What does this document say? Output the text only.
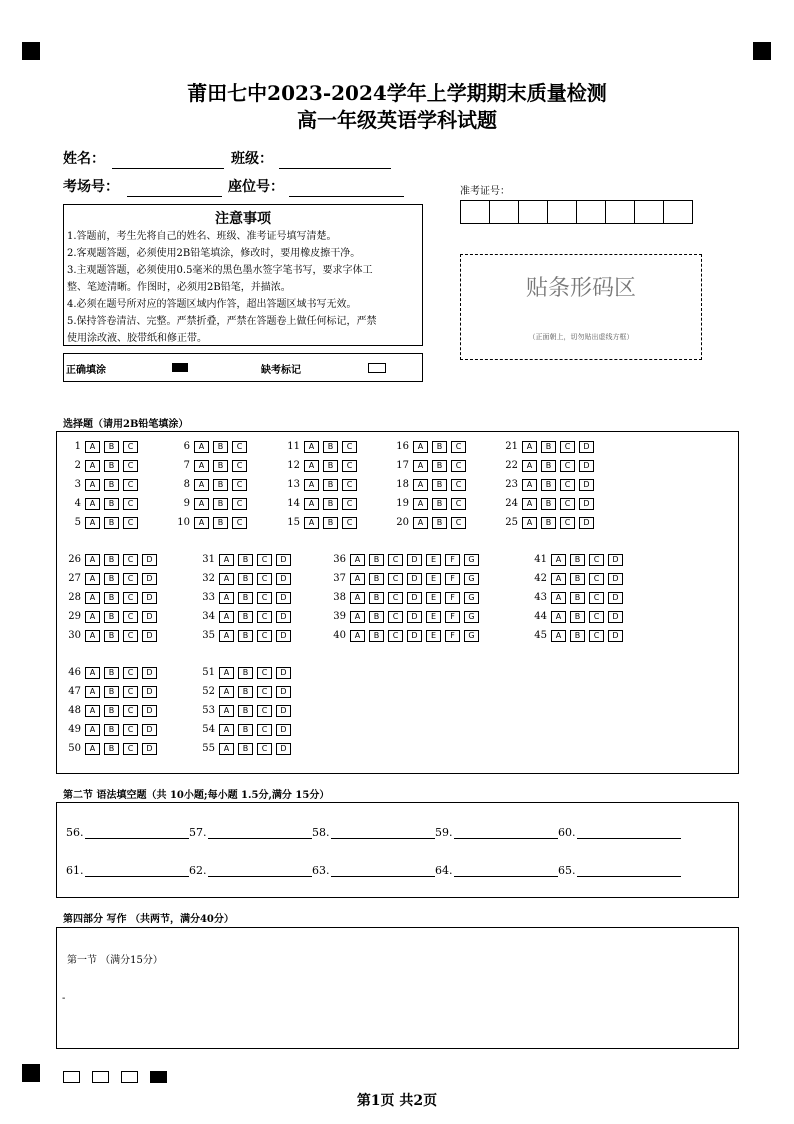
莆田七中2023-2024学年上学期期末质量检测
高一年级英语学科试题
姓名：	班级：
考场号：	座位号：
注意事项
1.答题前，考生先将自己的姓名、班级、准考证号填写清楚。
2.客观题答题，必须使用2B铅笔填涂，修改时，要用橡皮擦干净。
3.主观题答题，必须使用0.5毫米的黑色墨水签字笔书写，要求字体工
整、笔迹清晰。作图时，必须用2B铅笔，并描浓。
4.必须在题号所对应的答题区域内作答，超出答题区域书写无效。
5.保持答卷清洁、完整。严禁折叠，严禁在答题卷上做任何标记，严禁
使用涂改液、胶带纸和修正带。
正确填涂	缺考标记
准考证号：
贴条形码区
（正面朝上，切勿贴出虚线方框）
选择题（请用2B铅笔填涂）
1	A	B	C
2	A	B	C
3	A	B	C
4	A	B	C
5	A	B	C
6	A	B	C
7	A	B	C
8	A	B	C
9	A	B	C
10	A	B	C
11	A	B	C
12	A	B	C
13	A	B	C
14	A	B	C
15	A	B	C
16	A	B	C
17	A	B	C
18	A	B	C
19	A	B	C
20	A	B	C
21	A	B	C	D
22	A	B	C	D
23	A	B	C	D
24	A	B	C	D
25	A	B	C	D
26	A	B	C	D
27	A	B	C	D
28	A	B	C	D
29	A	B	C	D
30	A	B	C	D
31	A	B	C	D
32	A	B	C	D
33	A	B	C	D
34	A	B	C	D
35	A	B	C	D
36	A	B	C	D	E	F	G
37	A	B	C	D	E	F	G
38	A	B	C	D	E	F	G
39	A	B	C	D	E	F	G
40	A	B	C	D	E	F	G
41	A	B	C	D
42	A	B	C	D
43	A	B	C	D
44	A	B	C	D
45	A	B	C	D
46	A	B	C	D
47	A	B	C	D
48	A	B	C	D
49	A	B	C	D
50	A	B	C	D
51	A	B	C	D
52	A	B	C	D
53	A	B	C	D
54	A	B	C	D
55	A	B	C	D
第二节 语法填空题（共 10小题;每小题 1.5分,满分 15分）
56.	57.	58.	59.	60.
61.	62.	63.	64.	65.
第四部分 写作 （共两节，满分40分）
第一节 （满分15分）
-
第1页 共2页
